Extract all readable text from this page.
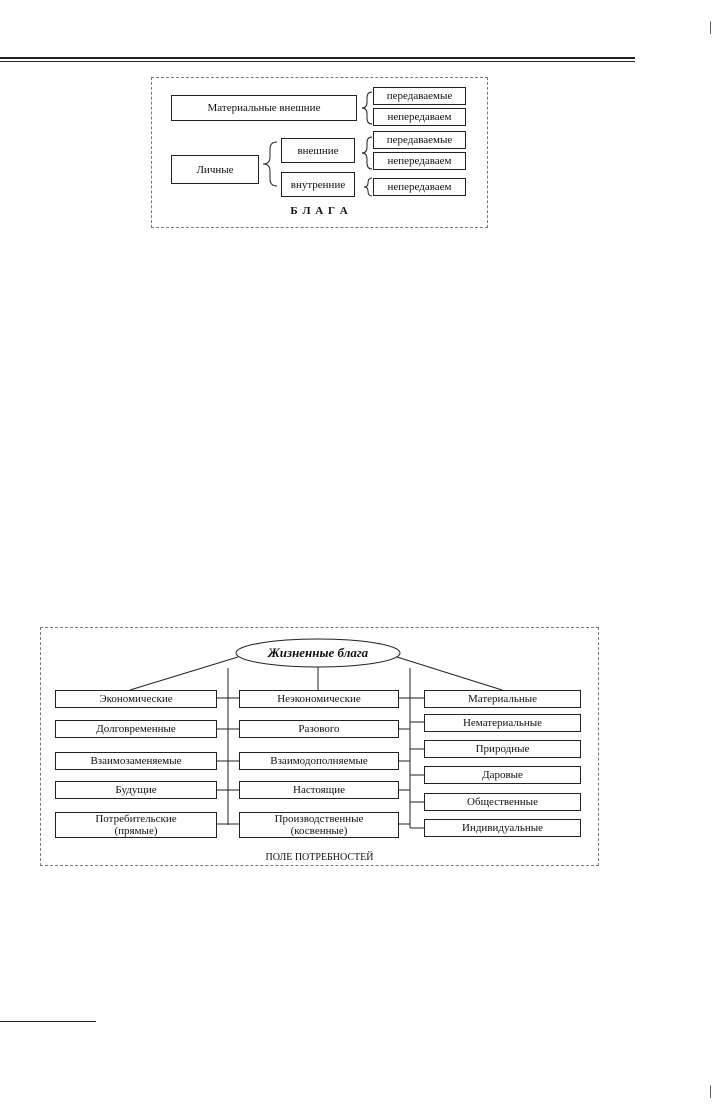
|
|
Материальные внешние
Личные
внешние
внутренние
передаваемые
непередаваем
передаваемые
непередаваем
непередаваем
Б Л А Г А
Жизненные блага
Экономические
Долговременные
Взаимозаменяемые
Будущие
Потребительские (прямые)
Неэкономические
Разового
Взаимодополняемые
Настоящие
Производственные (косвенные)
Материальные
Нематериальные
Природные
Даровые
Общественные
Индивидуальные
ПОЛЕ ПОТРЕБНОСТЕЙ
